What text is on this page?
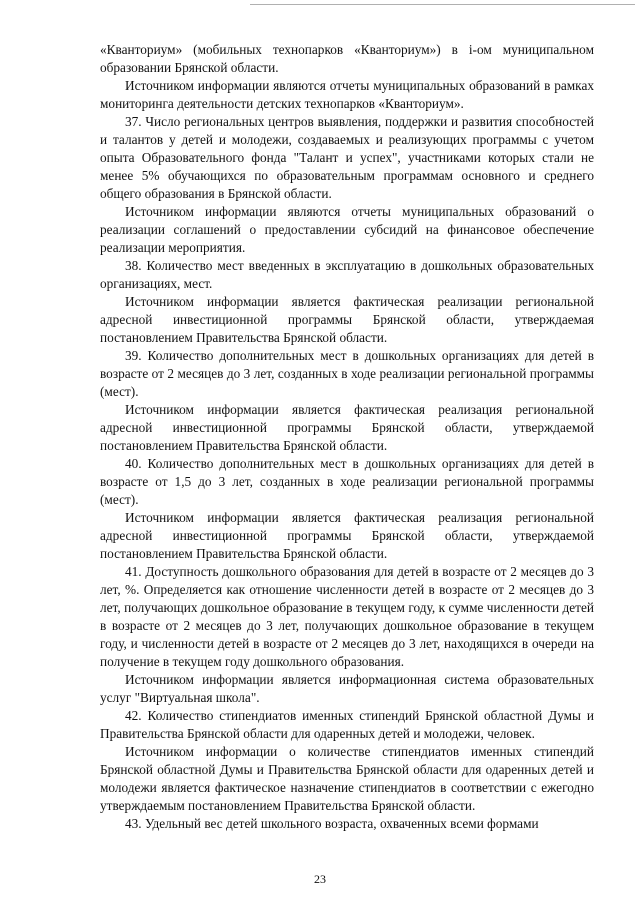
«Кванториум» (мобильных технопарков «Кванториум») в i-ом муниципальном образовании Брянской области.

Источником информации являются отчеты муниципальных образований в рамках мониторинга деятельности детских технопарков «Кванториум».

37. Число региональных центров выявления, поддержки и развития способностей и талантов у детей и молодежи, создаваемых и реализующих программы с учетом опыта Образовательного фонда "Талант и успех", участниками которых стали не менее 5% обучающихся по образовательным программам основного и среднего общего образования в Брянской области.

Источником информации являются отчеты муниципальных образований о реализации соглашений о предоставлении субсидий на финансовое обеспечение реализации мероприятия.

38. Количество мест введенных в эксплуатацию в дошкольных образовательных организациях, мест.

Источником информации является фактическая реализации региональной адресной инвестиционной программы Брянской области, утверждаемая постановлением Правительства Брянской области.

39. Количество дополнительных мест в дошкольных организациях для детей в возрасте от 2 месяцев до 3 лет, созданных в ходе реализации региональной программы (мест).

Источником информации является фактическая реализация региональной адресной инвестиционной программы Брянской области, утверждаемой постановлением Правительства Брянской области.

40. Количество дополнительных мест в дошкольных организациях для детей в возрасте от 1,5 до 3 лет, созданных в ходе реализации региональной программы (мест).

Источником информации является фактическая реализация региональной адресной инвестиционной программы Брянской области, утверждаемой постановлением Правительства Брянской области.

41. Доступность дошкольного образования для детей в возрасте от 2 месяцев до 3 лет, %. Определяется как отношение численности детей в возрасте от 2 месяцев до 3 лет, получающих дошкольное образование в текущем году, к сумме численности детей в возрасте от 2 месяцев до 3 лет, получающих дошкольное образование в текущем году, и численности детей в возрасте от 2 месяцев до 3 лет, находящихся в очереди на получение в текущем году дошкольного образования.

Источником информации является информационная система образовательных услуг "Виртуальная школа".

42. Количество стипендиатов именных стипендий Брянской областной Думы и Правительства Брянской области для одаренных детей и молодежи, человек.

Источником информации о количестве стипендиатов именных стипендий Брянской областной Думы и Правительства Брянской области для одаренных детей и молодежи является фактическое назначение стипендиатов в соответствии с ежегодно утверждаемым постановлением Правительства Брянской области.

43. Удельный вес детей школьного возраста, охваченных всеми формами

23
